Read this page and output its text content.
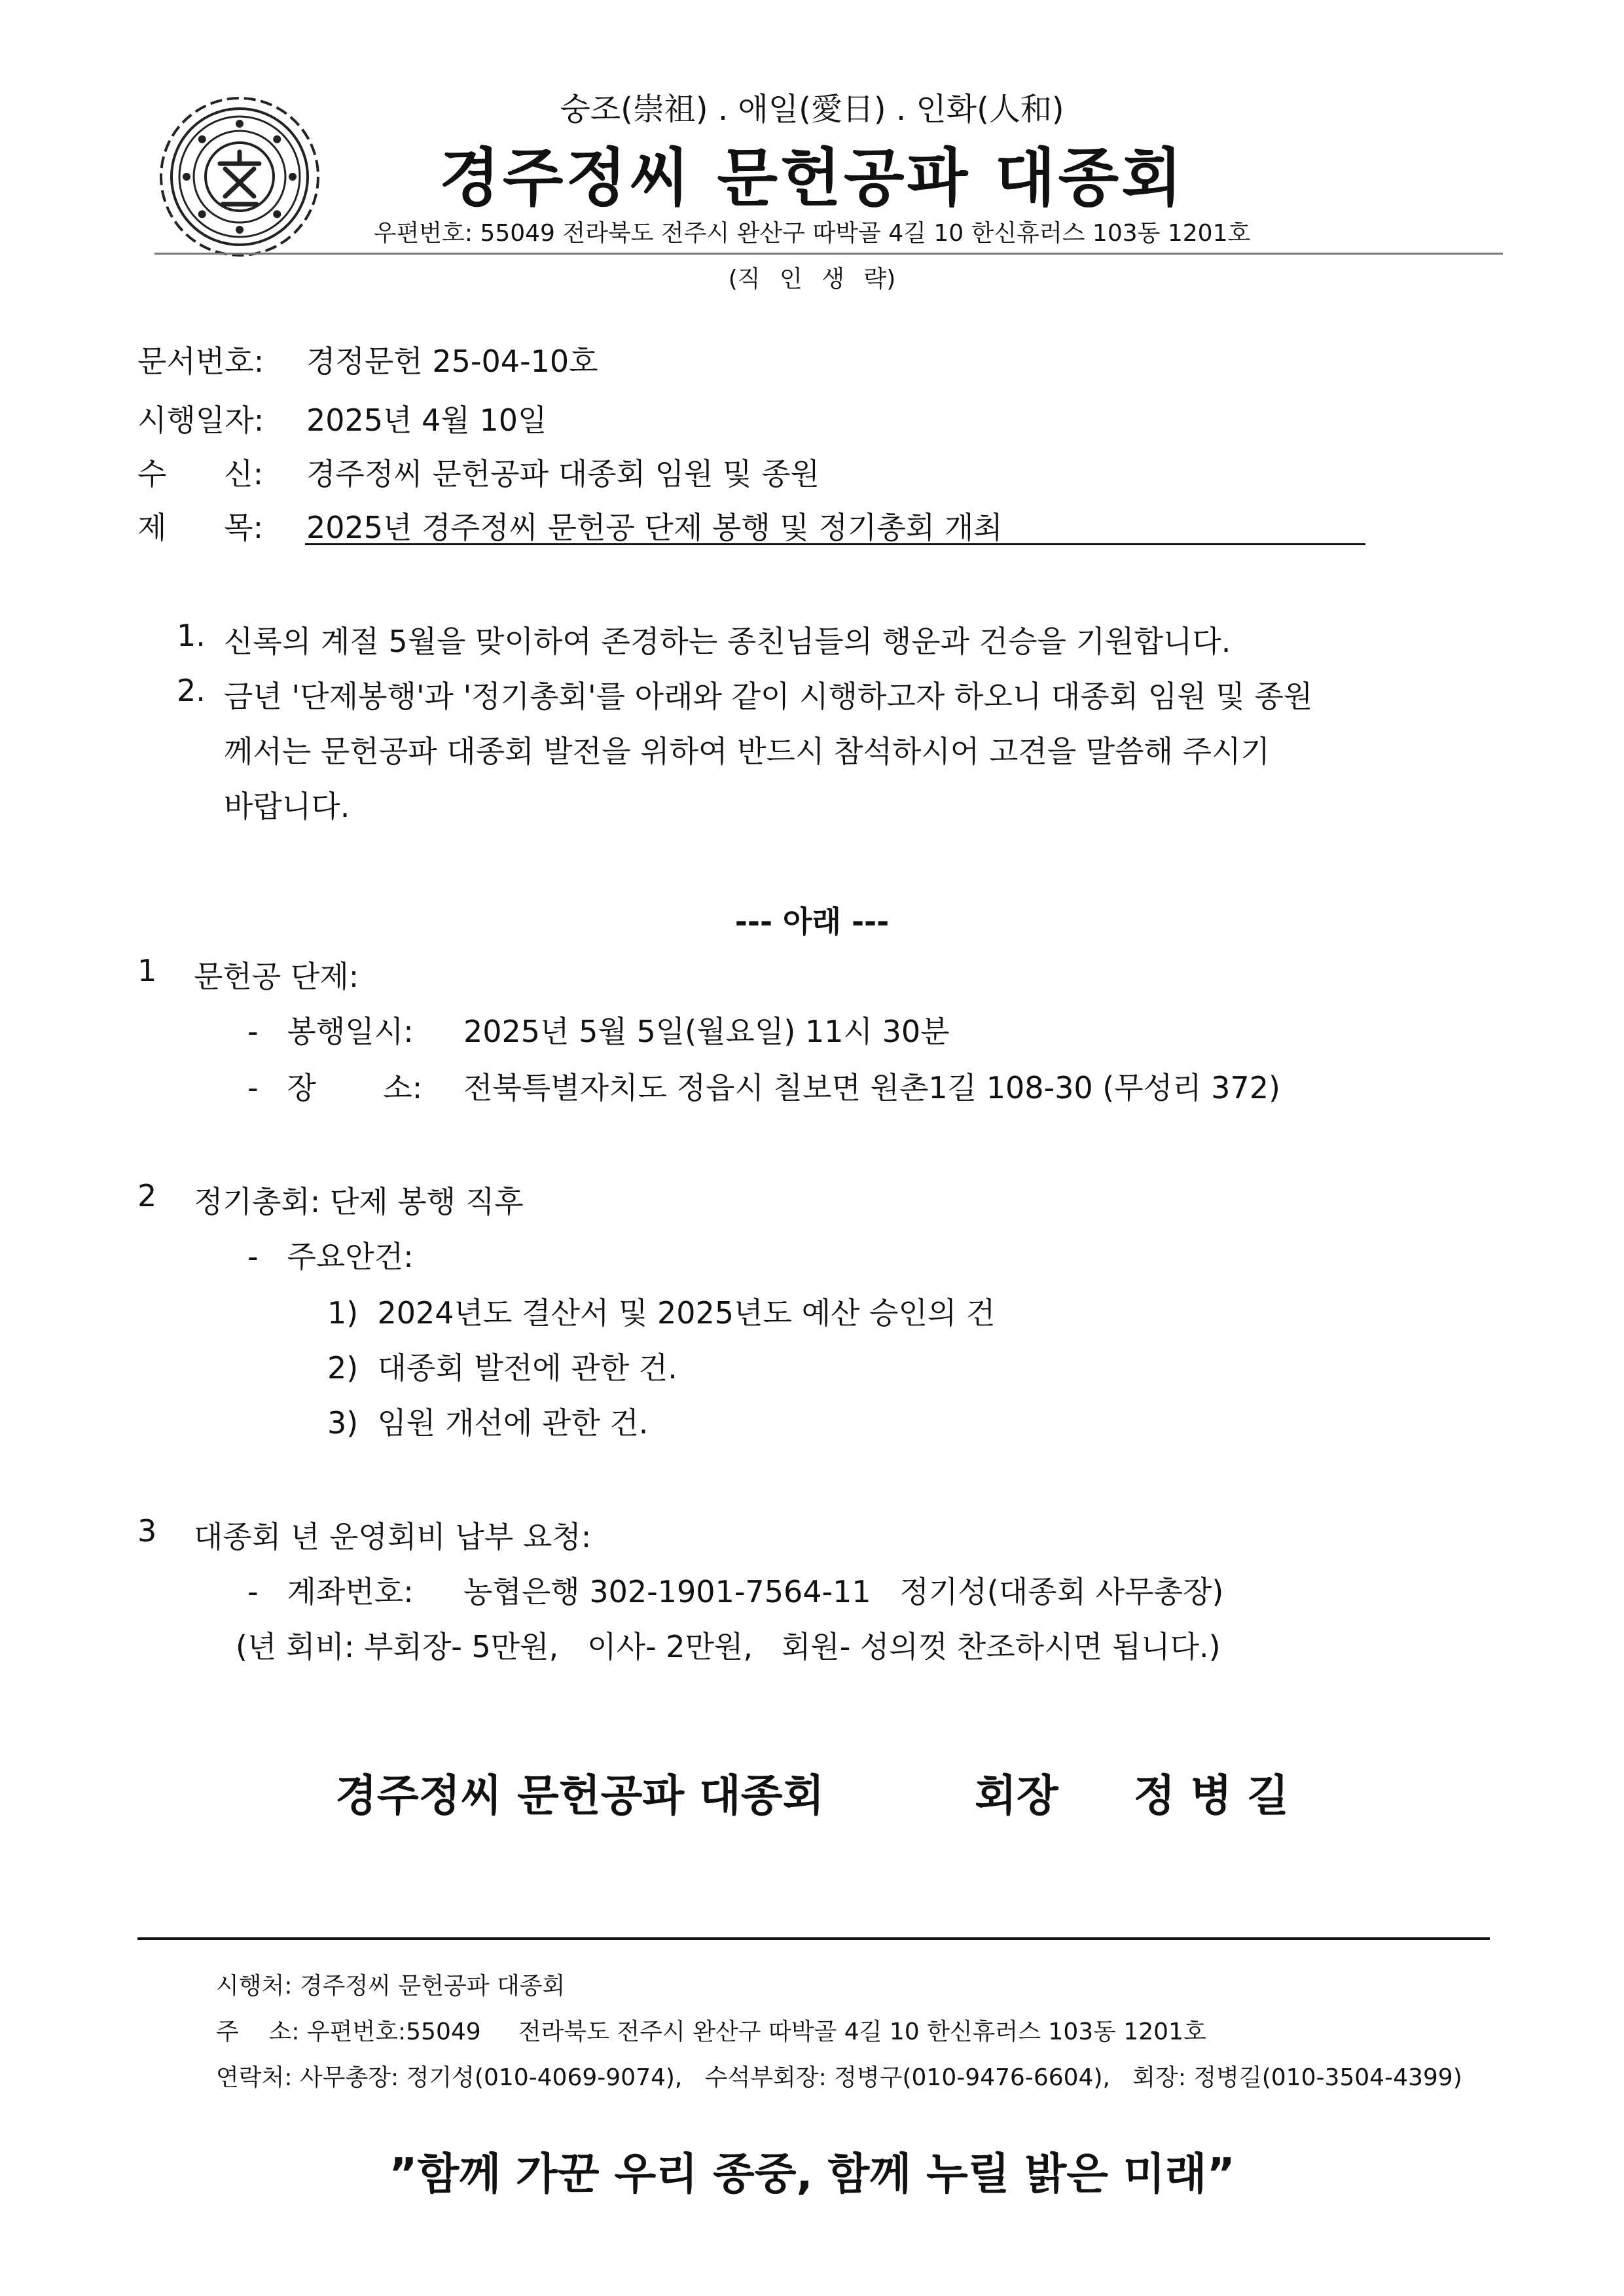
숭조(崇祖) . 애일(愛日) . 인화(人和)
경주정씨 문헌공파 대종회
우편번호: 55049 전라북도 전주시 완산구 따박골 4길 10 한신휴러스 103동 1201호
(직 인 생 략)
문서번호: 경정문헌 25-04-10호
시행일자: 2025년 4월 10일
수      신: 경주정씨 문헌공파 대종회 임원 및 종원
제      목: 2025년 경주정씨 문헌공 단제 봉행 및 정기총회 개최
1. 신록의 계절 5월을 맞이하여 존경하는 종친님들의 행운과 건승을 기원합니다.
2. 금년 '단제봉행'과 '정기총회'를 아래와 같이 시행하고자 하오니 대종회 임원 및 종원
께서는 문헌공파 대종회 발전을 위하여 반드시 참석하시어 고견을 말씀해 주시기
바랍니다.
--- 아래 ---
1 문헌공 단제:
-   봉행일시: 2025년 5월 5일(월요일) 11시 30분
-   장       소: 전북특별자치도 정읍시 칠보면 원촌1길 108-30 (무성리 372)
2 정기총회: 단제 봉행 직후
-   주요안건:
1)  2024년도 결산서 및 2025년도 예산 승인의 건
2)  대종회 발전에 관한 건.
3)  임원 개선에 관한 건.
3 대종회 년 운영회비 납부 요청:
-   계좌번호: 농협은행 302-1901-7564-11   정기성(대종회 사무총장)
(년 회비: 부회장- 5만원,   이사- 2만원,   회원- 성의껏 찬조하시면 됩니다.)
경주정씨 문헌공파 대종회          회장     정 병 길
시행처: 경주정씨 문헌공파 대종회
주    소: 우편번호:55049     전라북도 전주시 완산구 따박골 4길 10 한신휴러스 103동 1201호
연락처: 사무총장: 정기성(010-4069-9074),   수석부회장: 정병구(010-9476-6604),   회장: 정병길(010-3504-4399)
”함께 가꾼 우리 종중, 함께 누릴 밝은 미래”
